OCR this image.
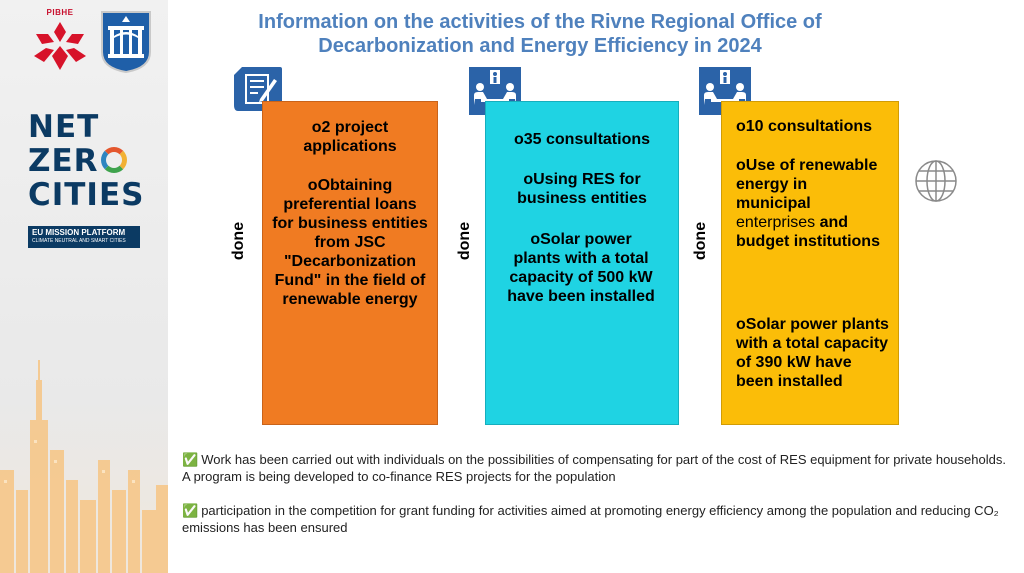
РІВНЕ
NET
ZER
CITIES
EU MISSION PLATFORM
CLIMATE NEUTRAL AND SMART CITIES
Information on the activities of the Rivne Regional Office of
Decarbonization and Energy Efficiency in 2024
done	done	done
o2 project applications
oObtaining preferential loans for business entities from JSC "Decarbonization Fund" in the field of renewable energy
o35 consultations
oUsing RES for business entities
oSolar power plants with a total capacity of 500 kW have been installed
o10 consultations
oUse of renewable energy in municipal enterprises and budget institutions
oSolar power plants with a total capacity of 390 kW have been installed
✅ Work has been carried out with individuals on the possibilities of compensating for part of the cost of RES equipment for private households. A program is being developed to co-finance RES projects for the population
✅ participation in the competition for grant funding for activities aimed at promoting energy efficiency among the population and reducing CO₂ emissions has been ensured
